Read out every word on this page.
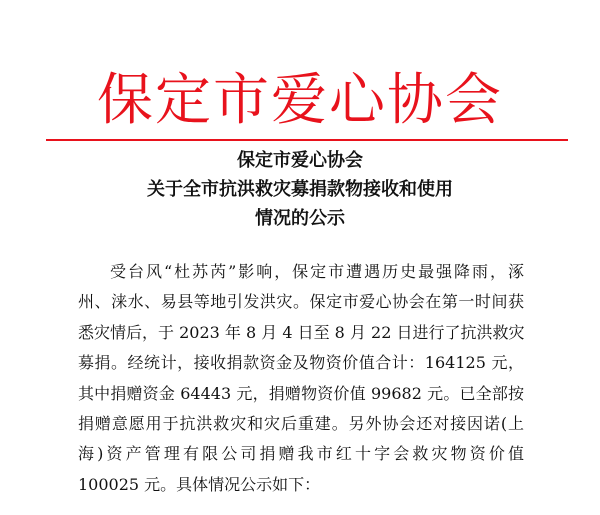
保定市爱心协会
保定市爱心协会
关于全市抗洪救灾募捐款物接收和使用
情况的公示
受台风“杜苏芮”影响，保定市遭遇历史最强降雨，涿
州、涞水、易县等地引发洪灾。保定市爱心协会在第一时间获
悉灾情后，于 2023 年 8 月 4 日至 8 月 22 日进行了抗洪救灾
募捐。经统计，接收捐款资金及物资价值合计：164125 元，
其中捐赠资金 64443 元，捐赠物资价值 99682 元。已全部按
捐赠意愿用于抗洪救灾和灾后重建。另外协会还对接因诺(上
海)资产管理有限公司捐赠我市红十字会救灾物资价值
100025 元。具体情况公示如下：
